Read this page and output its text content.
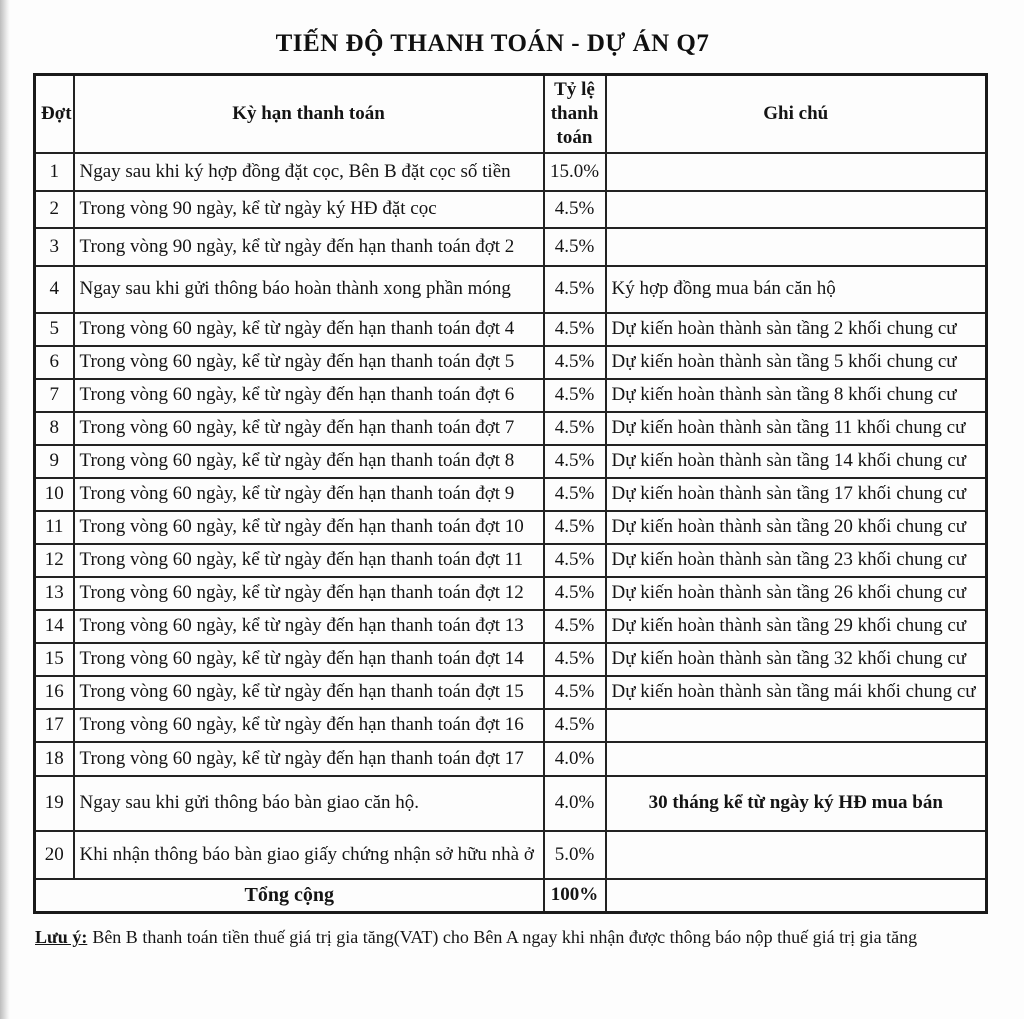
TIẾN ĐỘ THANH TOÁN - DỰ ÁN Q7
Đợt	Kỳ hạn thanh toán	Tỷ lệ thanh toán	Ghi chú
1	Ngay sau khi ký hợp đồng đặt cọc, Bên B đặt cọc số tiền	15.0%	
2	Trong vòng 90 ngày, kể từ ngày ký HĐ đặt cọc	4.5%	
3	Trong vòng 90 ngày, kể từ ngày đến hạn thanh toán đợt 2	4.5%	
4	Ngay sau khi gửi thông báo hoàn thành xong phần móng	4.5%	Ký hợp đồng mua bán căn hộ
5	Trong vòng 60 ngày, kể từ ngày đến hạn thanh toán đợt 4	4.5%	Dự kiến hoàn thành sàn tầng 2 khối chung cư
6	Trong vòng 60 ngày, kể từ ngày đến hạn thanh toán đợt 5	4.5%	Dự kiến hoàn thành sàn tầng 5 khối chung cư
7	Trong vòng 60 ngày, kể từ ngày đến hạn thanh toán đợt 6	4.5%	Dự kiến hoàn thành sàn tầng 8 khối chung cư
8	Trong vòng 60 ngày, kể từ ngày đến hạn thanh toán đợt 7	4.5%	Dự kiến hoàn thành sàn tầng 11 khối chung cư
9	Trong vòng 60 ngày, kể từ ngày đến hạn thanh toán đợt 8	4.5%	Dự kiến hoàn thành sàn tầng 14 khối chung cư
10	Trong vòng 60 ngày, kể từ ngày đến hạn thanh toán đợt 9	4.5%	Dự kiến hoàn thành sàn tầng 17 khối chung cư
11	Trong vòng 60 ngày, kể từ ngày đến hạn thanh toán đợt 10	4.5%	Dự kiến hoàn thành sàn tầng 20 khối chung cư
12	Trong vòng 60 ngày, kể từ ngày đến hạn thanh toán đợt 11	4.5%	Dự kiến hoàn thành sàn tầng 23 khối chung cư
13	Trong vòng 60 ngày, kể từ ngày đến hạn thanh toán đợt 12	4.5%	Dự kiến hoàn thành sàn tầng 26 khối chung cư
14	Trong vòng 60 ngày, kể từ ngày đến hạn thanh toán đợt 13	4.5%	Dự kiến hoàn thành sàn tầng 29 khối chung cư
15	Trong vòng 60 ngày, kể từ ngày đến hạn thanh toán đợt 14	4.5%	Dự kiến hoàn thành sàn tầng 32 khối chung cư
16	Trong vòng 60 ngày, kể từ ngày đến hạn thanh toán đợt 15	4.5%	Dự kiến hoàn thành sàn tầng mái khối chung cư
17	Trong vòng 60 ngày, kể từ ngày đến hạn thanh toán đợt 16	4.5%	
18	Trong vòng 60 ngày, kể từ ngày đến hạn thanh toán đợt 17	4.0%	
19	Ngay sau khi gửi thông báo bàn giao căn hộ.	4.0%	30 tháng kể từ ngày ký HĐ mua bán
20	Khi nhận thông báo bàn giao giấy chứng nhận sở hữu nhà ở	5.0%	
Tổng cộng		100%	

Lưu ý: Bên B thanh toán tiền thuế giá trị gia tăng(VAT) cho Bên A ngay khi nhận được thông báo nộp thuế giá trị gia tăng
